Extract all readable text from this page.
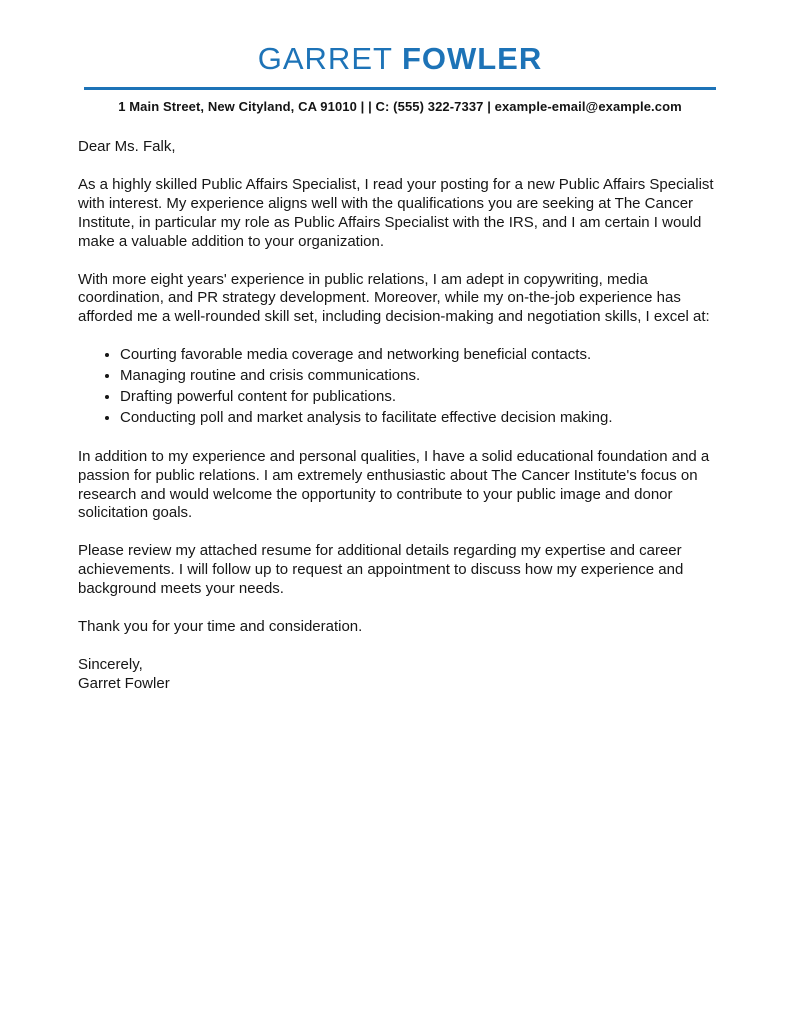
GARRET FOWLER
1 Main Street, New Cityland, CA 91010 | | C: (555) 322-7337 | example-email@example.com

Dear Ms. Falk,

As a highly skilled Public Affairs Specialist, I read your posting for a new Public Affairs Specialist with interest. My experience aligns well with the qualifications you are seeking at The Cancer Institute, in particular my role as Public Affairs Specialist with the IRS, and I am certain I would make a valuable addition to your organization.

With more eight years' experience in public relations, I am adept in copywriting, media coordination, and PR strategy development. Moreover, while my on-the-job experience has afforded me a well-rounded skill set, including decision-making and negotiation skills, I excel at:

• Courting favorable media coverage and networking beneficial contacts.
• Managing routine and crisis communications.
• Drafting powerful content for publications.
• Conducting poll and market analysis to facilitate effective decision making.

In addition to my experience and personal qualities, I have a solid educational foundation and a passion for public relations. I am extremely enthusiastic about The Cancer Institute's focus on research and would welcome the opportunity to contribute to your public image and donor solicitation goals.

Please review my attached resume for additional details regarding my expertise and career achievements. I will follow up to request an appointment to discuss how my experience and background meets your needs.

Thank you for your time and consideration.

Sincerely,

Garret Fowler
